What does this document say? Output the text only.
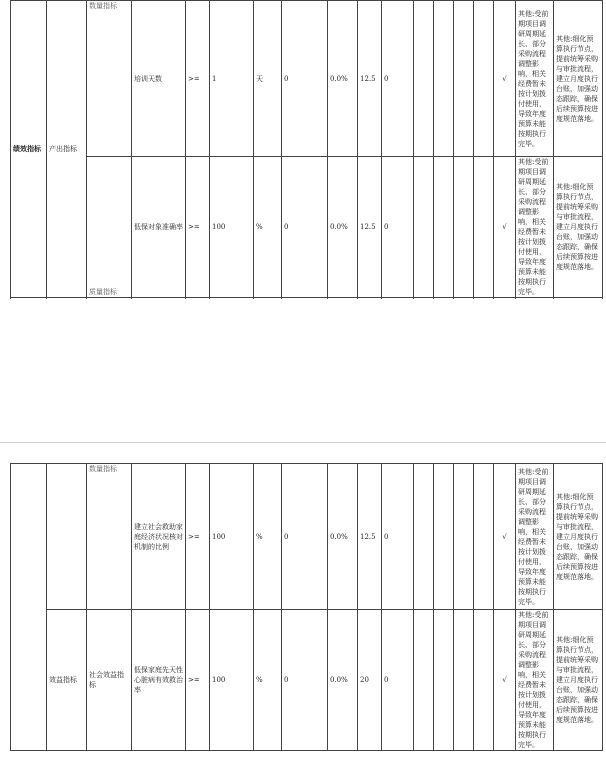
绩效指标	产出指标	数量指标	培训天数	>=	1	天	0	0.0%	12.5	0					√	其他:受前期项目调研周期延长、部分采购流程调整影响，相关经费暂未按计划拨付使用，导致年度预算未能按期执行完毕。	其他:细化预算执行节点，提前统筹采购与审批流程，建立月度执行台账，加强动态跟踪，确保后续预算按进度规范落地。

		质量指标	低保对象准确率	>=	100	%	0	0.0%	12.5	0					√	其他:受前期项目调研周期延长、部分采购流程调整影响，相关经费暂未按计划拨付使用，导致年度预算未能按期执行完毕。	其他:细化预算执行节点，提前统筹采购与审批流程，建立月度执行台账，加强动态跟踪，确保后续预算按进度规范落地。

		数量指标	建立社会救助家庭经济状况核对机制的比例	>=	100	%	0	0.0%	12.5	0					√	其他:受前期项目调研周期延长、部分采购流程调整影响，相关经费暂未按计划拨付使用，导致年度预算未能按期执行完毕。	其他:细化预算执行节点，提前统筹采购与审批流程，建立月度执行台账，加强动态跟踪，确保后续预算按进度规范落地。
	效益指标	社会效益指标	低保家庭先天性心脏病有效救治率	>=	100	%	0	0.0%	20	0					√	其他:受前期项目调研周期延长、部分采购流程调整影响，相关经费暂未按计划拨付使用，导致年度预算未能按期执行完毕。	其他:细化预算执行节点，提前统筹采购与审批流程，建立月度执行台账，加强动态跟踪，确保后续预算按进度规范落地。
